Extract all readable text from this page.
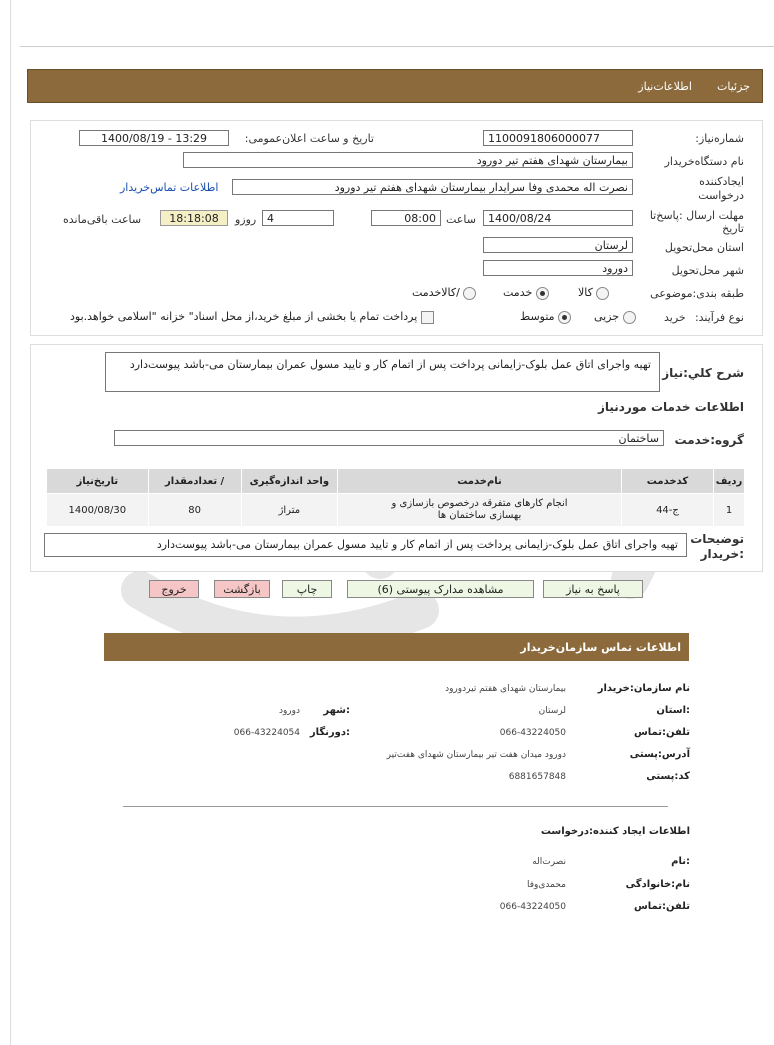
جزئیات
اطلاعات‌نیاز
شماره‌نیاز:
1100091806000077
تاریخ و ساعت اعلان‌عمومی:
1400/08/19 - 13:29
نام دستگاه‌خریدار
بیمارستان شهدای هفتم تیر دورود
ایجادکننده
درخواست
نصرت اله محمدی وفا سرایدار بیمارستان شهدای هفتم تیر دورود
اطلاعات تماس‌خریدار
مهلت ارسال :پاسخ‌تا
تاریخ
1400/08/24
ساعت
08:00
4
روزو
18:18:08
ساعت باقی‌مانده
استان محل‌تحویل
لرستان
شهر محل‌تحویل
دورود
طبقه بندی:موضوعی
کالا
خدمت
/کالاخدمت
نوع فرآیند:
خرید
جزیی
متوسط
پرداخت تمام یا بخشی از مبلغ خرید،از محل اسناد" خزانه "اسلامی خواهد.بود
شرح کلي:نیاز
تهیه واجرای اتاق عمل بلوک-زایمانی پرداخت پس از اتمام کار و تایید مسول عمران بیمارستان می-باشد پیوست‌دارد
اطلاعات خدمات موردنیاز
گروه:خدمت
ساختمان
ردیف	کدخدمت	نام‌خدمت	واحد اندازه‌گیری	/ تعدادمقدار	تاریخ‌نیاز
1	ج-44	انجام کارهای متفرقه درخصوص بازسازی و بهسازی ساختمان ها	متراژ	80	1400/08/30
توضیحات
:خریدار
تهیه واجرای اتاق عمل بلوک-زایمانی پرداخت پس از اتمام کار و تایید مسول عمران بیمارستان می-باشد پیوست‌دارد
پاسخ به نیاز
مشاهده مدارک پیوستی (6)
چاپ
بازگشت
خروج
اطلاعات تماس سازمان‌خریدار
نام سازمان:خریدار
بیمارستان شهدای هفتم تیردورود
:استان
لرستان
:شهر
دورود
تلفن:تماس
066-43224050
:دورنگار
066-43224054
آدرس:پستی
دورود میدان هفت تیر بیمارستان شهدای هفت‌تیر
کد:پستی
6881657848
اطلاعات ایجاد کننده:درخواست
:نام
نصرت‌اله
نام:خانوادگی
محمدی‌وفا
تلفن:تماس
066-43224050
